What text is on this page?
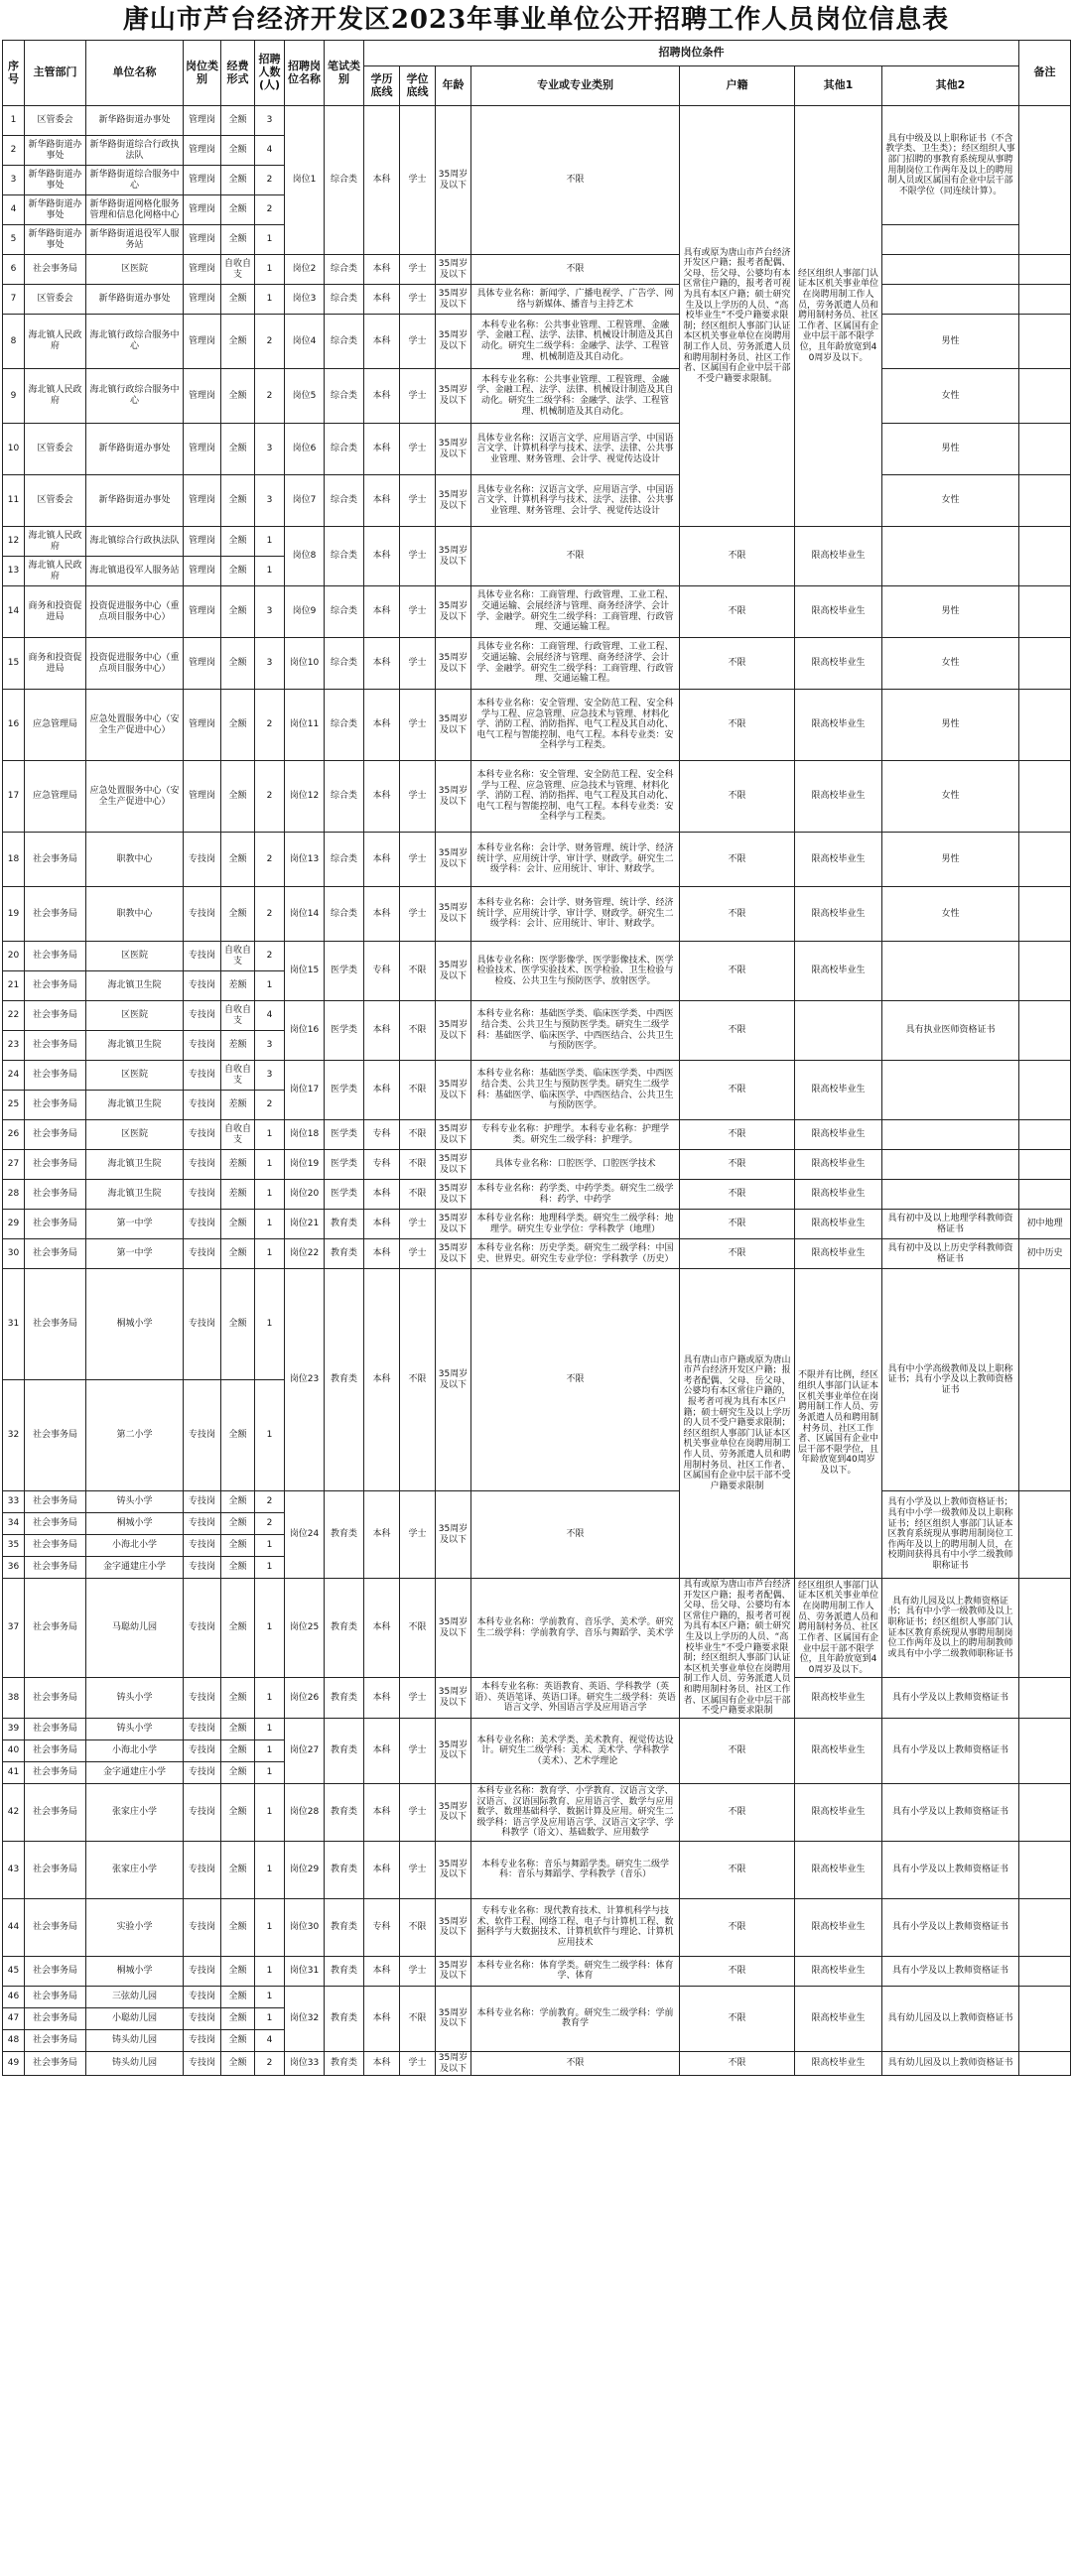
唐山市芦台经济开发区2023年事业单位公开招聘工作人员岗位信息表
序号	主管部门	单位名称	岗位类别	经费形式	招聘人数(人)	招聘岗位名称	笔试类别	招聘岗位条件							备注
								学历底线	学位底线	年龄	专业或专业类别	户籍	其他1	其他2	
1	区管委会	新华路街道办事处	管理岗	全额	3	岗位1	综合类	本科	学士	35周岁及以下	不限	具有或原为唐山市芦台经济开发区户籍；报考者配偶、父母、岳父母、公婆均有本区常住户籍的，报考者可视为具有本区户籍；硕士研究生及以上学历的人员、“高校毕业生”不受户籍要求限制；经区组织人事部门认证本区机关事业单位在岗聘用制工作人员、劳务派遣人员和聘用制村务员、社区工作者、区属国有企业中层干部不受户籍要求限制。	经区组织人事部门认证本区机关事业单位在岗聘用制工作人员，劳务派遣人员和聘用制村务员、社区工作者、区属国有企业中层干部不限学位，且年龄放宽到40周岁及以下。	具有中级及以上职称证书（不含教学类、卫生类）；经区组织人事部门招聘的事教育系统现从事聘用制岗位工作两年及以上的聘用制人员或区属国有企业中层干部不限学位（同连续计算）。	
2	新华路街道办事处	新华路街道综合行政执法队	管理岗	全额	4										
3	新华路街道办事处	新华路街道综合服务中心	管理岗	全额	2										
4	新华路街道办事处	新华路街道网格化服务管理和信息化网格中心	管理岗	全额	2										
5	新华路街道办事处	新华路街道退役军人服务站	管理岗	全额	1										
6	社会事务局	区医院	管理岗	自收自支	1	岗位2	综合类	本科	学士	35周岁及以下	不限				
7	区管委会	新华路街道办事处	管理岗	全额	1	岗位3	综合类	本科	学士	35周岁及以下	具体专业名称：新闻学、广播电视学、广告学、网络与新媒体、播音与主持艺术				
8	海北镇人民政府	海北镇行政综合服务中心	管理岗	全额	2	岗位4	综合类	本科	学士	35周岁及以下	本科专业名称：公共事业管理、工程管理、金融学、金融工程、法学、法律、机械设计制造及其自动化。研究生二级学科：金融学、法学、工程管理、机械制造及其自动化。			男性	
9	海北镇人民政府	海北镇行政综合服务中心	管理岗	全额	2	岗位5	综合类	本科	学士	35周岁及以下	本科专业名称：公共事业管理、工程管理、金融学、金融工程、法学、法律、机械设计制造及其自动化。研究生二级学科：金融学、法学、工程管理、机械制造及其自动化。			女性	
10	区管委会	新华路街道办事处	管理岗	全额	3	岗位6	综合类	本科	学士	35周岁及以下	具体专业名称：汉语言文学、应用语言学、中国语言文学、计算机科学与技术、法学、法律、公共事业管理、财务管理、会计学、视觉传达设计			男性	
11	区管委会	新华路街道办事处	管理岗	全额	3	岗位7	综合类	本科	学士	35周岁及以下	具体专业名称：汉语言文学、应用语言学、中国语言文学、计算机科学与技术、法学、法律、公共事业管理、财务管理、会计学、视觉传达设计			女性	
12	海北镇人民政府	海北镇综合行政执法队	管理岗	全额	1	岗位8	综合类	本科	学士	35周岁及以下	不限	不限	限高校毕业生		
13	海北镇人民政府	海北镇退役军人服务站	管理岗	全额	1										
14	商务和投资促进局	投资促进服务中心（重点项目服务中心）	管理岗	全额	3	岗位9	综合类	本科	学士	35周岁及以下	具体专业名称：工商管理、行政管理、工业工程、交通运输、会展经济与管理、商务经济学、会计学、金融学。研究生二级学科：工商管理、行政管理、交通运输工程。	不限	限高校毕业生	男性	
15	商务和投资促进局	投资促进服务中心（重点项目服务中心）	管理岗	全额	3	岗位10	综合类	本科	学士	35周岁及以下	具体专业名称：工商管理、行政管理、工业工程、交通运输、会展经济与管理、商务经济学、会计学、金融学。研究生二级学科：工商管理、行政管理、交通运输工程。	不限	限高校毕业生	女性	
16	应急管理局	应急处置服务中心（安全生产促进中心）	管理岗	全额	2	岗位11	综合类	本科	学士	35周岁及以下	本科专业名称：安全管理、安全防范工程、安全科学与工程、应急管理、应急技术与管理、材料化学、消防工程、消防指挥、电气工程及其自动化、电气工程与智能控制、电气工程。本科专业类：安全科学与工程类。	不限	限高校毕业生	男性	
17	应急管理局	应急处置服务中心（安全生产促进中心）	管理岗	全额	2	岗位12	综合类	本科	学士	35周岁及以下	本科专业名称：安全管理、安全防范工程、安全科学与工程、应急管理、应急技术与管理、材料化学、消防工程、消防指挥、电气工程及其自动化、电气工程与智能控制、电气工程。本科专业类：安全科学与工程类。	不限	限高校毕业生	女性	
18	社会事务局	职教中心	专技岗	全额	2	岗位13	综合类	本科	学士	35周岁及以下	本科专业名称：会计学、财务管理、统计学、经济统计学、应用统计学、审计学、财政学。研究生二级学科：会计、应用统计、审计、财政学。	不限	限高校毕业生	男性	
19	社会事务局	职教中心	专技岗	全额	2	岗位14	综合类	本科	学士	35周岁及以下	本科专业名称：会计学、财务管理、统计学、经济统计学、应用统计学、审计学、财政学。研究生二级学科：会计、应用统计、审计、财政学。	不限	限高校毕业生	女性	
20	社会事务局	区医院	专技岗	自收自支	2	岗位15	医学类	专科	不限	35周岁及以下	具体专业名称：医学影像学、医学影像技术、医学检验技术、医学实验技术、医学检验、卫生检验与检疫、公共卫生与预防医学、放射医学。	不限	限高校毕业生		
21	社会事务局	海北镇卫生院	专技岗	差额	1										
22	社会事务局	区医院	专技岗	自收自支	4	岗位16	医学类	本科	不限	35周岁及以下	本科专业名称：基础医学类、临床医学类、中西医结合类、公共卫生与预防医学类。研究生二级学科：基础医学、临床医学、中西医结合、公共卫生与预防医学。	不限		具有执业医师资格证书	
23	社会事务局	海北镇卫生院	专技岗	差额	3										
24	社会事务局	区医院	专技岗	自收自支	3	岗位17	医学类	本科	不限	35周岁及以下	本科专业名称：基础医学类、临床医学类、中西医结合类、公共卫生与预防医学类。研究生二级学科：基础医学、临床医学、中西医结合、公共卫生与预防医学。	不限	限高校毕业生		
25	社会事务局	海北镇卫生院	专技岗	差额	2										
26	社会事务局	区医院	专技岗	自收自支	1	岗位18	医学类	专科	不限	35周岁及以下	专科专业名称：护理学。本科专业名称：护理学类。研究生二级学科：护理学。	不限	限高校毕业生		
27	社会事务局	海北镇卫生院	专技岗	差额	1	岗位19	医学类	专科	不限	35周岁及以下	具体专业名称：口腔医学、口腔医学技术	不限	限高校毕业生		
28	社会事务局	海北镇卫生院	专技岗	差额	1	岗位20	医学类	本科	不限	35周岁及以下	本科专业名称：药学类、中药学类。研究生二级学科：药学、中药学	不限	限高校毕业生		
29	社会事务局	第一中学	专技岗	全额	1	岗位21	教育类	本科	学士	35周岁及以下	本科专业名称：地理科学类。研究生二级学科：地理学。研究生专业学位：学科教学（地理）	不限	限高校毕业生	具有初中及以上地理学科教师资格证书	初中地理
30	社会事务局	第一中学	专技岗	全额	1	岗位22	教育类	本科	学士	35周岁及以下	本科专业名称：历史学类。研究生二级学科：中国史、世界史。研究生专业学位：学科教学（历史）	不限	限高校毕业生	具有初中及以上历史学科教师资格证书	初中历史
31	社会事务局	桐城小学	专技岗	全额	1	岗位23	教育类	本科	不限	35周岁及以下	不限	具有唐山市户籍或原为唐山市芦台经济开发区户籍；报考者配偶、父母、岳父母、公婆均有本区常住户籍的，报考者可视为具有本区户籍；硕士研究生及以上学历的人员不受户籍要求限制；经区组织人事部门认证本区机关事业单位在岗聘用制工作人员、劳务派遣人员和聘用制村务员、社区工作者、区属国有企业中层干部不受户籍要求限制	不限并有比例，经区组织人事部门认证本区机关事业单位在岗聘用制工作人员、劳务派遣人员和聘用制村务员、社区工作者、区属国有企业中层干部不限学位，且年龄放宽到40周岁及以下。	具有中小学高级教师及以上职称证书；具有小学及以上教师资格证书	
32	社会事务局	第二小学	专技岗	全额	1										
33	社会事务局	铸头小学	专技岗	全额	2	岗位24	教育类	本科	学士	35周岁及以下	不限			具有小学及以上教师资格证书；具有中小学一级教师及以上职称证书；经区组织人事部门认证本区教育系统现从事聘用制岗位工作两年及以上的聘用制人员，在校期间获得具有中小学二级教师职称证书	
34	社会事务局	桐城小学	专技岗	全额	2										
35	社会事务局	小海北小学	专技岗	全额	1										
36	社会事务局	金字通建庄小学	专技岗	全额	1										
37	社会事务局	马聪幼儿园	专技岗	全额	1	岗位25	教育类	本科	不限	35周岁及以下	本科专业名称：学前教育、音乐学、美术学。研究生二级学科：学前教育学、音乐与舞蹈学、美术学	具有或原为唐山市芦台经济开发区户籍；报考者配偶、父母、岳父母、公婆均有本区常住户籍的，报考者可视为具有本区户籍；硕士研究生及以上学历的人员、“高校毕业生”不受户籍要求限制；经区组织人事部门认证本区机关事业单位在岗聘用制工作人员、劳务派遣人员和聘用制村务员、社区工作者、区属国有企业中层干部不受户籍要求限制	经区组织人事部门认证本区机关事业单位在岗聘用制工作人员、劳务派遣人员和聘用制村务员、社区工作者、区属国有企业中层干部不限学位，且年龄放宽到40周岁及以下。	具有幼儿园及以上教师资格证书；具有中小学一级教师及以上职称证书；经区组织人事部门认证本区教育系统现从事聘用制岗位工作两年及以上的聘用制教师或具有中小学二级教师职称证书	
38	社会事务局	铸头小学	专技岗	全额	1	岗位26	教育类	本科	学士	35周岁及以下	本科专业名称：英语教育、英语、学科教学（英语）、英语笔译、英语口译。研究生二级学科：英语语言文学、外国语言学及应用语言学		限高校毕业生	具有小学及以上教师资格证书	
39	社会事务局	铸头小学	专技岗	全额	1	岗位27	教育类	本科	学士	35周岁及以下	本科专业名称：美术学类、美术教育、视觉传达设计。研究生二级学科：美术、美术学、学科教学（美术）、艺术学理论	不限	限高校毕业生	具有小学及以上教师资格证书	
40	社会事务局	小海北小学	专技岗	全额	1										
41	社会事务局	金字通建庄小学	专技岗	全额	1										
42	社会事务局	张家庄小学	专技岗	全额	1	岗位28	教育类	本科	学士	35周岁及以下	本科专业名称：教育学、小学教育、汉语言文学、汉语言、汉语国际教育、应用语言学、数学与应用数学、数理基础科学、数据计算及应用。研究生二级学科：语言学及应用语言学、汉语言文字学、学科教学（语文）、基础数学、应用数学	不限	限高校毕业生	具有小学及以上教师资格证书	
43	社会事务局	张家庄小学	专技岗	全额	1	岗位29	教育类	本科	学士	35周岁及以下	本科专业名称：音乐与舞蹈学类。研究生二级学科：音乐与舞蹈学、学科教学（音乐）	不限	限高校毕业生	具有小学及以上教师资格证书	
44	社会事务局	实验小学	专技岗	全额	1	岗位30	教育类	专科	不限	35周岁及以下	专科专业名称：现代教育技术、计算机科学与技术、软件工程、网络工程、电子与计算机工程、数据科学与大数据技术、计算机软件与理论、计算机应用技术	不限	限高校毕业生	具有小学及以上教师资格证书	
45	社会事务局	桐城小学	专技岗	全额	1	岗位31	教育类	本科	学士	35周岁及以下	本科专业名称：体育学类。研究生二级学科：体育学、体育	不限	限高校毕业生	具有小学及以上教师资格证书	
46	社会事务局	三弦幼儿园	专技岗	全额	1	岗位32	教育类	本科	不限	35周岁及以下	本科专业名称：学前教育。研究生二级学科：学前教育学	不限	限高校毕业生	具有幼儿园及以上教师资格证书	
47	社会事务局	小聪幼儿园	专技岗	全额	1										
48	社会事务局	铸头幼儿园	专技岗	全额	4										
49	社会事务局	铸头幼儿园	专技岗	全额	2	岗位33	教育类	本科	学士	35周岁及以下	不限	不限	限高校毕业生	具有幼儿园及以上教师资格证书	
